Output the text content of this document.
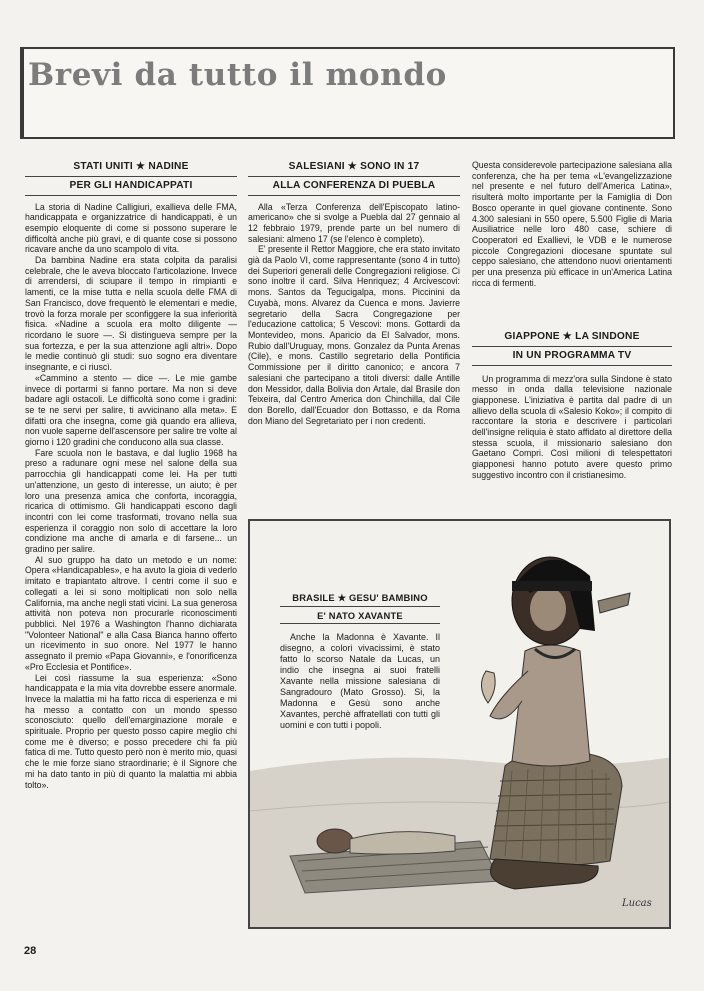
Brevi da tutto il mondo
STATI UNITI ★ NADINE
PER GLI HANDICAPPATI

La storia di Nadine Calligiuri, exallieva delle FMA, handicappata e organizzatrice di handicappati, è un esempio eloquente di come si possono superare le difficoltà anche più gravi, e di quante cose si possono ricavare anche da uno scampolo di vita.

Da bambina Nadine era stata colpita da paralisi celebrale, che le aveva bloccato l'articolazione. Invece di arrendersi, di sciupare il tempo in rimpianti e lamenti, ce la mise tutta e nella scuola delle FMA di San Francisco, dove frequentò le elementari e medie, trovò la forza morale per sconfiggere la sua inferiorità fisica. «Nadine a scuola era molto diligente — ricordano le suore —. Si distingueva sempre per la sua fortezza, e per la sua attenzione agli altri». Dopo le medie continuò gli studi: suo sogno era diventare insegnante, e ci riuscì.

«Cammino a stento — dice —. Le mie gambe invece di portarmi si fanno portare. Ma non si deve badare agli ostacoli. Le difficoltà sono come i gradini: se te ne servi per salire, ti avvicinano alla meta». E difatti ora che insegna, come già quando era allieva, non vuole saperne dell'ascensore per salire tre volte al giorno i 120 gradini che conducono alla sua classe.

Fare scuola non le bastava, e dal luglio 1968 ha preso a radunare ogni mese nel salone della sua parrocchia gli handicappati come lei. Ha per tutti un'attenzione, un gesto di interesse, un aiuto; è per loro una presenza amica che conforta, incoraggia, ricarica di ottimismo. Gli handicappati escono dagli incontri con lei come trasformati, trovano nella sua esperienza il coraggio non solo di accettare la loro condizione ma anche di amarla e di farsene... un gradino per salire.

Al suo gruppo ha dato un metodo e un nome: Opera «Handicapables», e ha avuto la gioia di vederlo imitato e trapiantato altrove. I centri come il suo e collegati a lei si sono moltiplicati non solo nella California, ma anche negli stati vicini. La sua generosa attività non poteva non procurarle riconoscimenti pubblici. Nel 1976 a Washington l'hanno dichiarata "Volonteer National" e alla Casa Bianca hanno offerto un ricevimento in suo onore. Nel 1977 le hanno assegnato il premio «Papa Giovanni», e l'onorificenza «Pro Ecclesia et Pontifice».

Lei così riassume la sua esperienza: «Sono handicappata e la mia vita dovrebbe essere anormale. Invece la malattia mi ha fatto ricca di esperienza e mi ha messo a contatto con un mondo spesso sconosciuto: quello dell'emarginazione morale e spirituale. Proprio per questo posso capire meglio chi come me è diverso; e posso precedere chi fa più fatica di me. Tutto questo però non è merito mio, quasi che le mie forze siano straordinarie; è il Signore che mi ha dato tanto in più di quanto la malattia mi abbia tolto».

SALESIANI ★ SONO IN 17
ALLA CONFERENZA DI PUEBLA

Alla «Terza Conferenza dell'Episcopato latino-americano» che si svolge a Puebla dal 27 gennaio al 12 febbraio 1979, prende parte un bel numero di salesiani: almeno 17 (se l'elenco è completo).

E' presente il Rettor Maggiore, che era stato invitato già da Paolo VI, come rappresentante (sono 4 in tutto) dei Superiori generali delle Congregazioni religiose. Ci sono inoltre il card. Silva Henriquez; 4 Arcivescovi: mons. Santos da Tegucigalpa, mons. Piccinini da Cuyabà, mons. Alvarez da Cuenca e mons. Javierre segretario della Sacra Congregazione per l'educazione cattolica; 5 Vescovi: mons. Gottardi da Montevideo, mons. Aparicio da El Salvador, mons. Rubio dall'Uruguay, mons. Gonzalez da Punta Arenas (Cile), e mons. Castillo segretario della Pontificia Commissione per il diritto canonico; e ancora 7 salesiani che partecipano a titoli diversi: dalle Antille don Messidor, dalla Bolivia don Artale, dal Brasile don Teixeira, dal Centro America don Chinchilla, dal Cile don Borello, dall'Ecuador don Bottasso, e da Roma don Miano del Segretariato per i non credenti.

Questa considerevole partecipazione salesiana alla conferenza, che ha per tema «L'evangelizzazione nel presente e nel futuro dell'America Latina», risulterà molto importante per la Famiglia di Don Bosco operante in quel giovane continente. Sono 4.300 salesiani in 550 opere, 5.500 Figlie di Maria Ausiliatrice nelle loro 480 case, schiere di Cooperatori ed Exallievi, le VDB e le numerose piccole Congregazioni diocesane spuntate sul ceppo salesiano, che attendono nuovi orientamenti per una presenza più efficace in un'America Latina ricca di fermenti.

GIAPPONE ★ LA SINDONE
IN UN PROGRAMMA TV

Un programma di mezz'ora sulla Sindone è stato messo in onda dalla televisione nazionale giapponese. L'iniziativa è partita dal padre di un allievo della scuola di «Salesio Koko»; il compito di raccontare la storia e descrivere i particolari dell'insigne reliquia è stato affidato al direttore della stessa scuola, il missionario salesiano don Gaetano Compri. Così milioni di telespettatori giapponesi hanno potuto avere questo primo suggestivo incontro con il cristianesimo.

Lucas
BRASILE ★ GESU' BAMBINO
E' NATO XAVANTE

Anche la Madonna è Xavante. Il disegno, a colori vivacissimi, è stato fatto lo scorso Natale da Lucas, un indio che insegna ai suoi fratelli Xavante nella missione salesiana di Sangradouro (Mato Grosso). Si, la Madonna e Gesù sono anche Xavantes, perchè affratellati con tutti gli uomini e con tutti i popoli.

28
